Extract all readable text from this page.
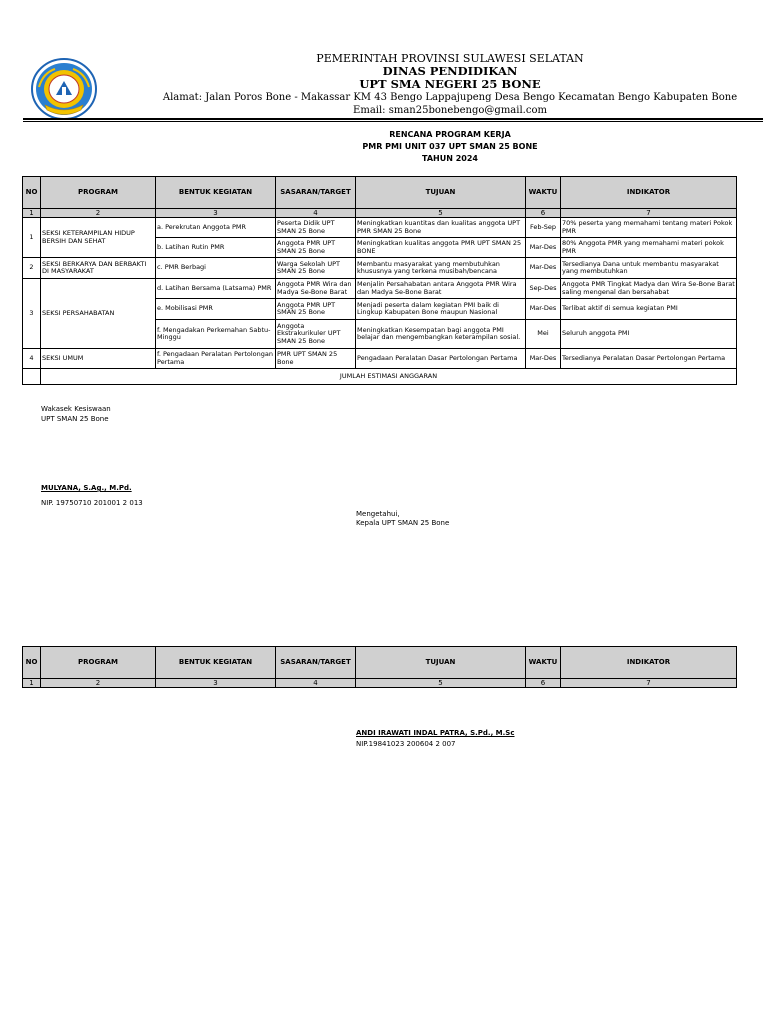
PEMERINTAH PROVINSI SULAWESI SELATAN
DINAS PENDIDIKAN
UPT SMA NEGERI 25 BONE
Alamat: Jalan Poros Bone - Makassar KM 43 Bengo Lappajupeng Desa Bengo Kecamatan Bengo Kabupaten Bone
Email: sman25bonebengo@gmail.com
RENCANA PROGRAM KERJA
PMR PMI UNIT 037 UPT SMAN 25 BONE
TAHUN 2024
NO	PROGRAM	BENTUK KEGIATAN	SASARAN/TARGET	TUJUAN	WAKTU	INDIKATOR
1	2	3	4	5	6	7
1	SEKSI KETERAMPILAN HIDUP BERSIH DAN SEHAT	a. Perekrutan Anggota PMR	Peserta Didik UPT SMAN 25 Bone	Meningkatkan kuantitas dan kualitas anggota UPT PMR SMAN 25 Bone	Feb-Sep	70% peserta yang memahami tentang materi Pokok PMR
		b. Latihan Rutin PMR	Anggota PMR UPT SMAN 25 Bone	Meningkatkan kualitas anggota PMR UPT SMAN 25 BONE	Mar-Des	80% Anggota PMR yang memahami materi pokok PMR
2	SEKSI BERKARYA DAN BERBAKTI DI MASYARAKAT	c. PMR Berbagi	Warga Sekolah UPT SMAN 25 Bone	Membantu masyarakat yang membutuhkan khususnya yang terkena musibah/bencana	Mar-Des	Tersedianya Dana untuk membantu masyarakat yang membutuhkan
3	SEKSI PERSAHABATAN	d. Latihan Bersama (Latsama) PMR	Anggota PMR Wira dan Madya Se-Bone Barat	Menjalin Persahabatan antara Anggota PMR Wira dan Madya Se-Bone Barat	Sep-Des	Anggota PMR Tingkat Madya dan Wira Se-Bone Barat saling mengenal dan bersahabat
		e. Mobilisasi PMR	Anggota PMR UPT SMAN 25 Bone	Menjadi peserta dalam kegiatan PMI baik di Lingkup Kabupaten Bone maupun Nasional	Mar-Des	Terlibat aktif di semua kegiatan PMI
		f. Mengadakan Perkemahan Sabtu-Minggu	Anggota Ekstrakurikuler UPT SMAN 25 Bone	Meningkatkan Kesempatan bagi anggota PMI belajar dan mengembangkan keterampilan sosial.	Mei	Seluruh anggota PMI
4	SEKSI UMUM	f. Pengadaan Peralatan Pertolongan Pertama	PMR UPT SMAN 25 Bone	Pengadaan Peralatan Dasar Pertolongan Pertama	Mar-Des	Tersedianya Peralatan Dasar Pertolongan Pertama
	JUMLAH ESTIMASI ANGGARAN					
Wakasek Kesiswaan
UPT SMAN 25 Bone
MULYANA, S.Ag., M.Pd.
NIP. 19750710 201001 2 013
Mengetahui,
Kepala UPT SMAN 25 Bone
NO	PROGRAM	BENTUK KEGIATAN	SASARAN/TARGET	TUJUAN	WAKTU	INDIKATOR
1	2	3	4	5	6	7
ANDI IRAWATI INDAL PATRA, S.Pd., M.Sc
NIP.19841023 200604 2 007
